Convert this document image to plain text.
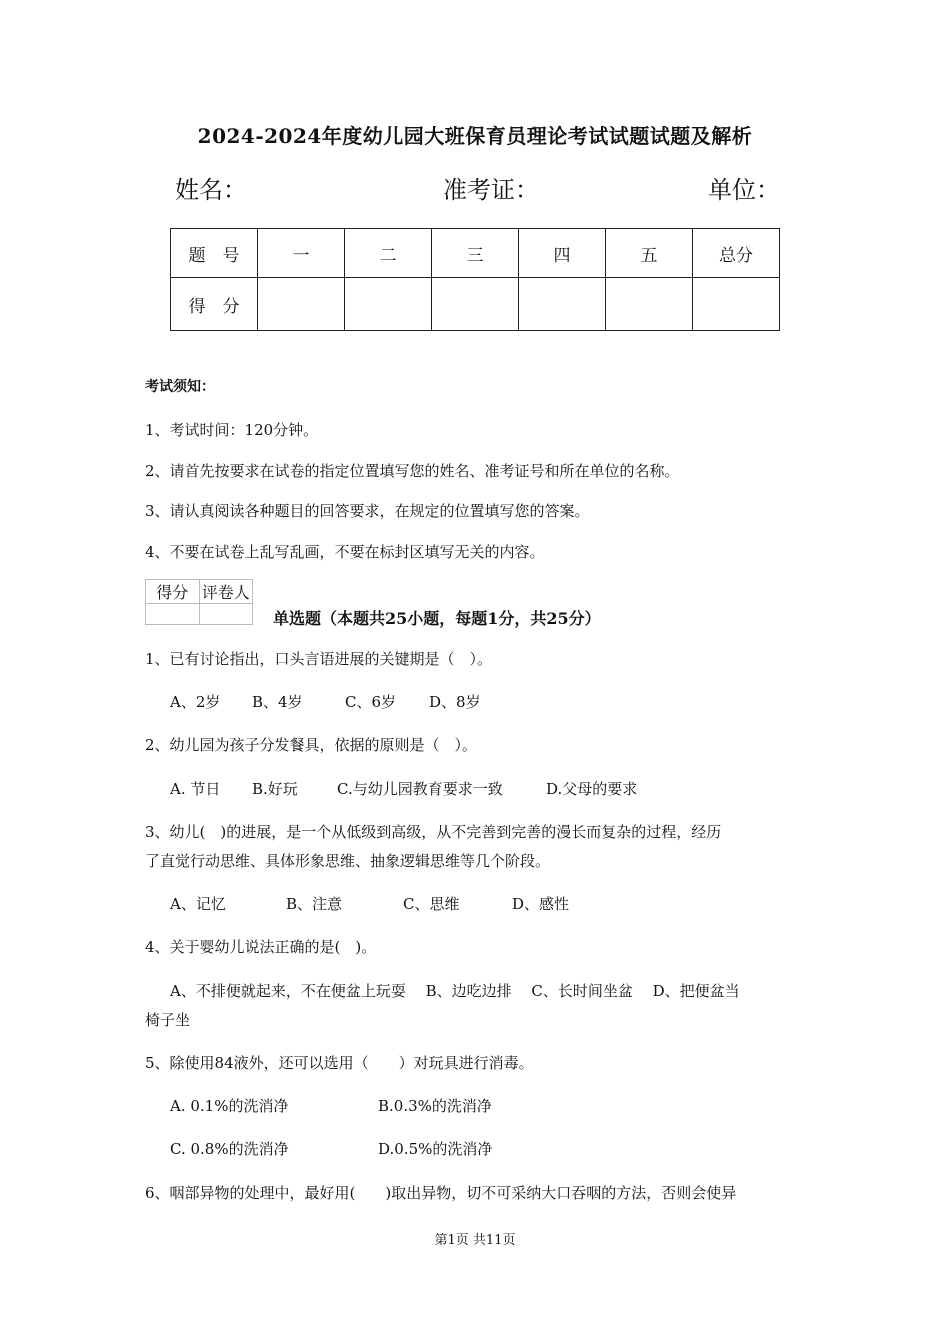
2024-2024年度幼儿园大班保育员理论考试试题试题及解析
姓名：	准考证：	单位：
题　号	一	二	三	四	五	总分
得　分						
考试须知：
1、考试时间：120分钟。
2、请首先按要求在试卷的指定位置填写您的姓名、准考证号和所在单位的名称。
3、请认真阅读各种题目的回答要求，在规定的位置填写您的答案。
4、不要在试卷上乱写乱画，不要在标封区填写无关的内容。
得分	评卷人

单选题（本题共25小题，每题1分，共25分）
1、已有讨论指出，口头言语进展的关键期是（　）。
A、2岁 B、4岁	C、6岁 D、8岁
2、幼儿园为孩子分发餐具，依据的原则是（　）。
A. 节日 B.好玩	C.与幼儿园教育要求一致	D.父母的要求
3、幼儿(　)的进展，是一个从低级到高级，从不完善到完善的漫长而复杂的过程，经历
了直觉行动思维、具体形象思维、抽象逻辑思维等几个阶段。
A、记忆	B、注意	C、思维	D、感性
4、关于婴幼儿说法正确的是(　)。
A、不排便就起来，不在便盆上玩耍　 B、边吃边排　 C、长时间坐盆　 D、把便盆当
椅子坐
5、除使用84液外，还可以选用（　　）对玩具进行消毒。
A. 0.1%的洗消净	B.0.3%的洗消净
C. 0.8%的洗消净	D.0.5%的洗消净
6、咽部异物的处理中，最好用(　　)取出异物，切不可采纳大口吞咽的方法，否则会使异
第1页 共11页
